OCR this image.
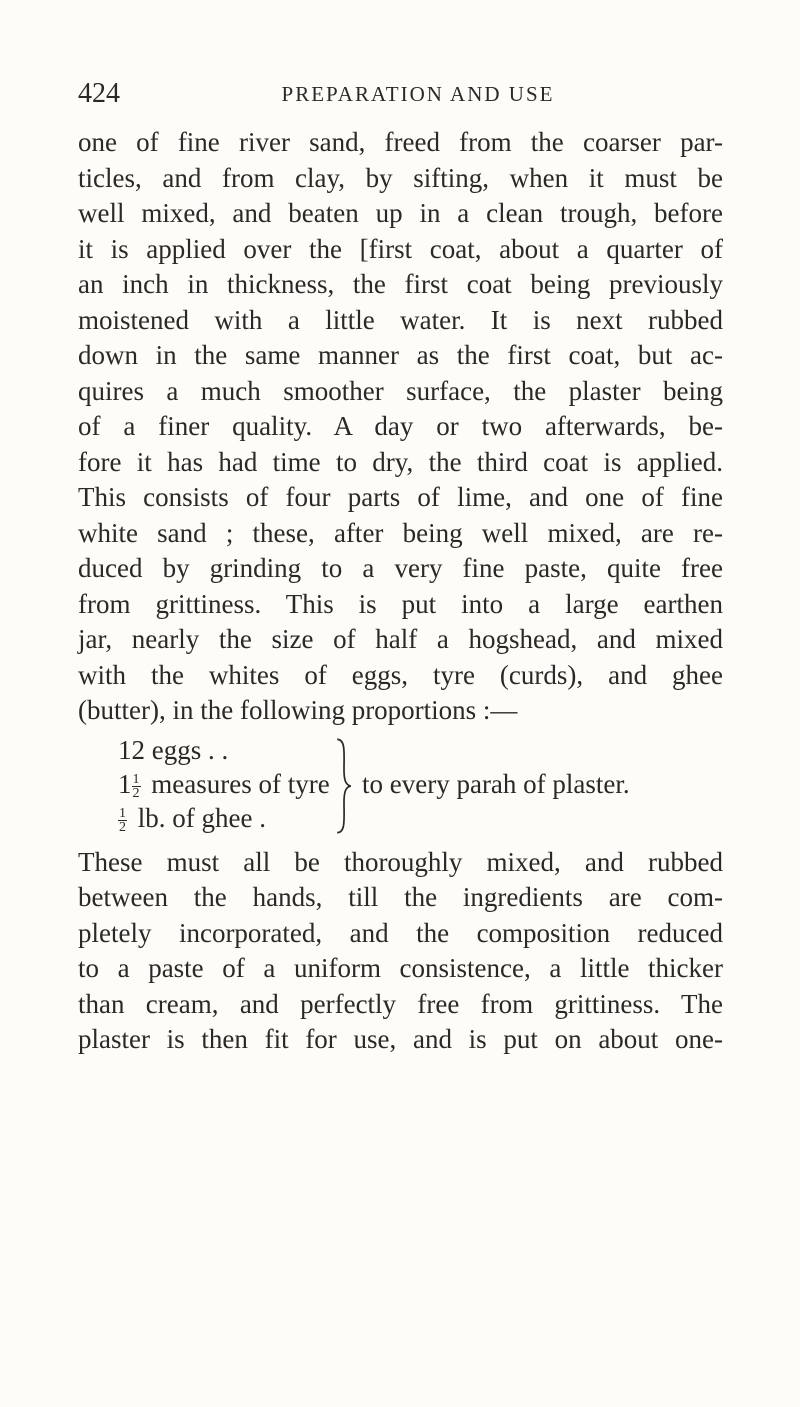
424	PREPARATION AND USE
one of fine river sand, freed from the coarser par-
ticles, and from clay, by sifting, when it must be
well mixed, and beaten up in a clean trough, before
it is applied over the [first coat, about a quarter of
an inch in thickness, the first coat being previously
moistened with a little water. It is next rubbed
down in the same manner as the first coat, but ac-
quires a much smoother surface, the plaster being
of a finer quality. A day or two afterwards, be-
fore it has had time to dry, the third coat is applied.
This consists of four parts of lime, and one of fine
white sand ; these, after being well mixed, are re-
duced by grinding to a very fine paste, quite free
from grittiness. This is put into a large earthen
jar, nearly the size of half a hogshead, and mixed
with the whites of eggs, tyre (curds), and ghee
(butter), in the following proportions :—
12 eggs . .
$1 \frac{1}{2}$ measures of tyre
$\frac{1}{2}$ lb. of ghee .
to every parah of plaster.
These must all be thoroughly mixed, and rubbed
between the hands, till the ingredients are com-
pletely incorporated, and the composition reduced
to a paste of a uniform consistence, a little thicker
than cream, and perfectly free from grittiness. The
plaster is then fit for use, and is put on about one-
